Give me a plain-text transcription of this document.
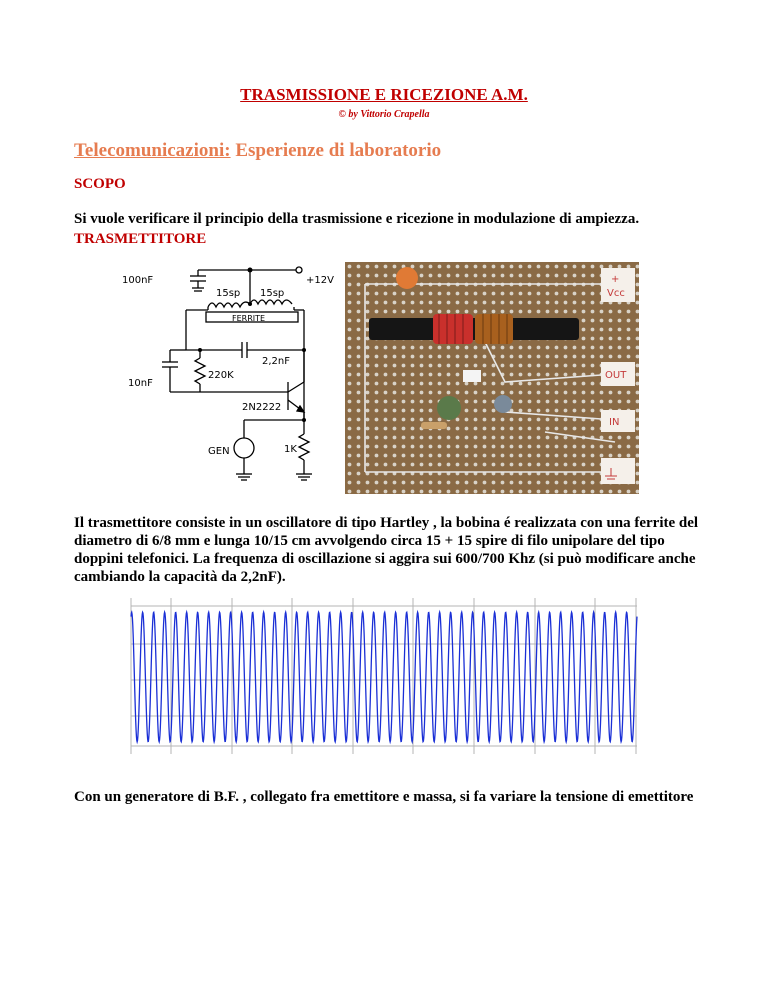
TRASMISSIONE E RICEZIONE A.M.
© by Vittorio Crapella
Telecomunicazioni: Esperienze di laboratorio
SCOPO
Si vuole verificare il principio della trasmissione e ricezione in modulazione di ampiezza.
TRASMETTITORE
100nF	+12V
15sp 15sp
FERRITE
2,2nF
220K
10nF
2N2222
GEN	1K
+
Vcc
OUT
IN
Il trasmettitore consiste in un oscillatore di tipo Hartley , la bobina é realizzata con una ferrite del diametro di 6/8 mm e lunga 10/15 cm avvolgendo circa 15 + 15 spire di filo unipolare del tipo doppini telefonici. La frequenza di oscillazione si aggira sui 600/700 Khz (si può modificare anche cambiando la capacità da 2,2nF).
Con un generatore di B.F. , collegato fra emettitore e massa, si fa variare la tensione di emettitore
